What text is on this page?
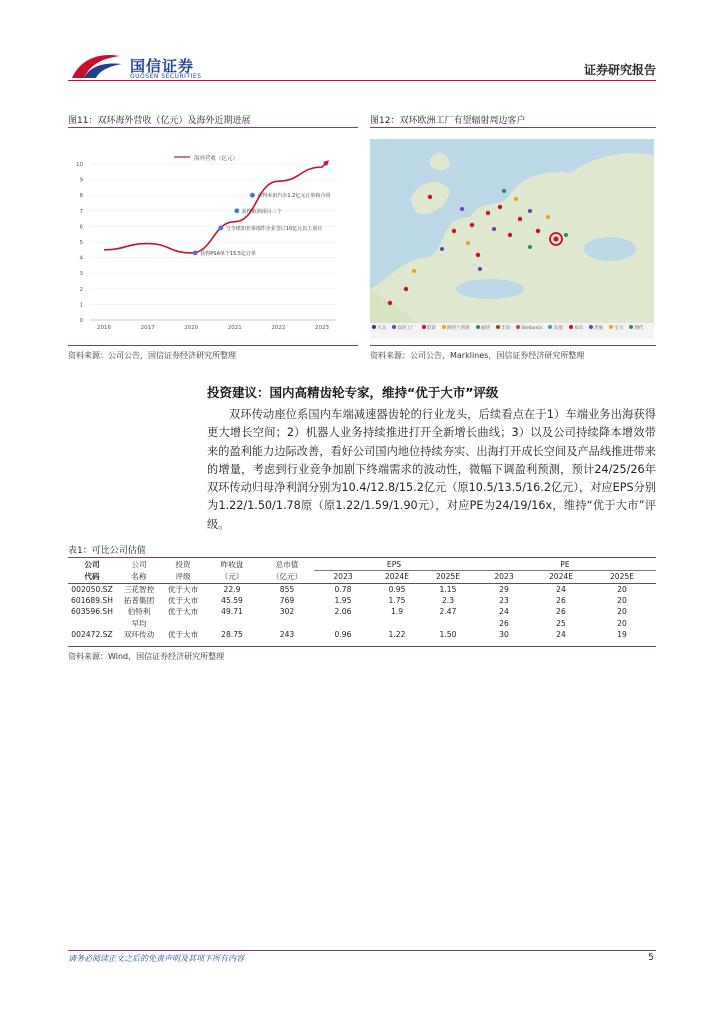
国信证券
GUOSEN SECURITIES	证券研究报告
图11：双环海外营收（亿元）及海外近期进展
0
1
2
3
4
5
6
7
8
9
10
2016	2017	2020	2021	2022	2023
海外营收（亿元）
获得本田汽车1.2亿元订单和合同
获得欧洲项目三个
与全球知名零部件企业签订10亿元以上项目
获得PSA单个15.5亿订单
资料来源：公司公告，国信证券经济研究所整理
图12：双环欧洲工厂有望辐射周边客户
大众 双环工厂 雷诺 斯特兰蒂斯 福特 丰田 Stellantis 其他 本田 奔驰 宝马 现代
资料来源：公司公告，Marklines，国信证券经济研究所整理
投资建议：国内高精齿轮专家，维持“优于大市”评级

双环传动座位系国内车端减速器齿轮的行业龙头，后续看点在于1）车端业务出海获得更大增长空间；2）机器人业务持续推进打开全新增长曲线；3）以及公司持续降本增效带来的盈利能力边际改善，看好公司国内地位持续夯实、出海打开成长空间及产品线推进带来的增量，考虑到行业竞争加剧下终端需求的波动性，微幅下调盈利预测，预计24/25/26年双环传动归母净利润分别为10.4/12.8/15.2亿元（原10.5/13.5/16.2亿元），对应EPS分别为1.22/1.50/1.78原（原1.22/1.59/1.90元），对应PE为24/19/16x，维持“优于大市”评级。

表1：可比公司估值
公司	公司	投资	昨收盘	总市值	EPS			PE		
代码	名称	评级	（元）	（亿元）	2023	2024E	2025E	2023	2024E	2025E
002050.SZ	三花智控	优于大市	22.9	855	0.78	0.95	1.15	29	24	20
601689.SH	拓普集团	优于大市	45.59	769	1.95	1.75	2.3	23	26	20
603596.SH	伯特利	优于大市	49.71	302	2.06	1.9	2.47	24	26	20
	早均							26	25	20
002472.SZ	双环传动	优于大市	28.75	243	0.96	1.22	1.50	30	24	19
资料来源：Wind，国信证券经济研究所整理
请务必阅读正文之后的免责声明及其项下所有内容	5
